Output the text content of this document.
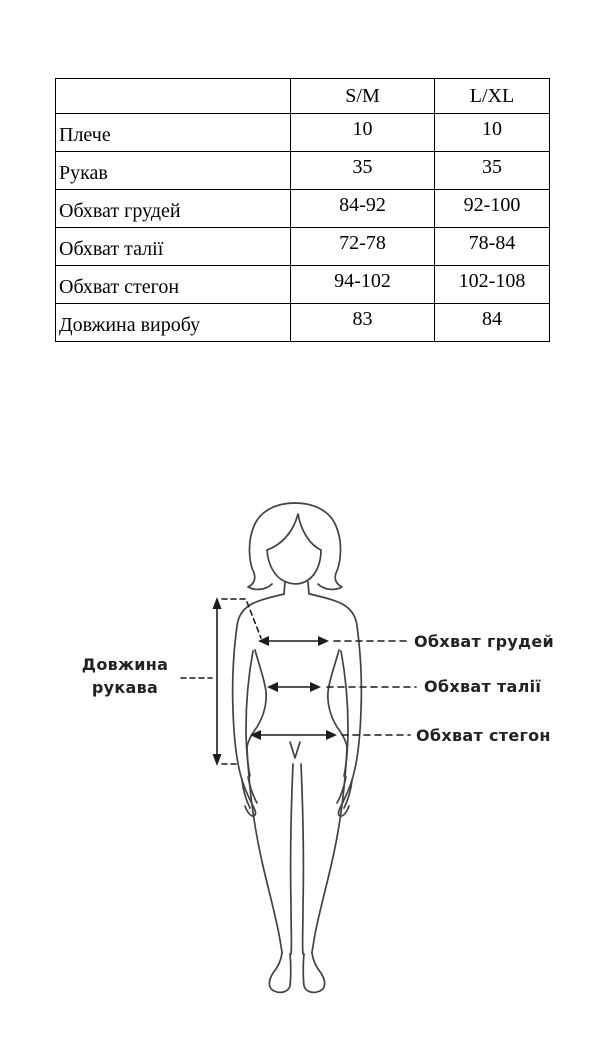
	S/M	L/XL
Плече	10	10
Рукав	35	35
Обхват грудей	84-92	92-100
Обхват талії	72-78	78-84
Обхват стегон	94-102	102-108
Довжина виробу	83	84
Довжина
рукава
Обхват грудей
Обхват талії
Обхват стегон
